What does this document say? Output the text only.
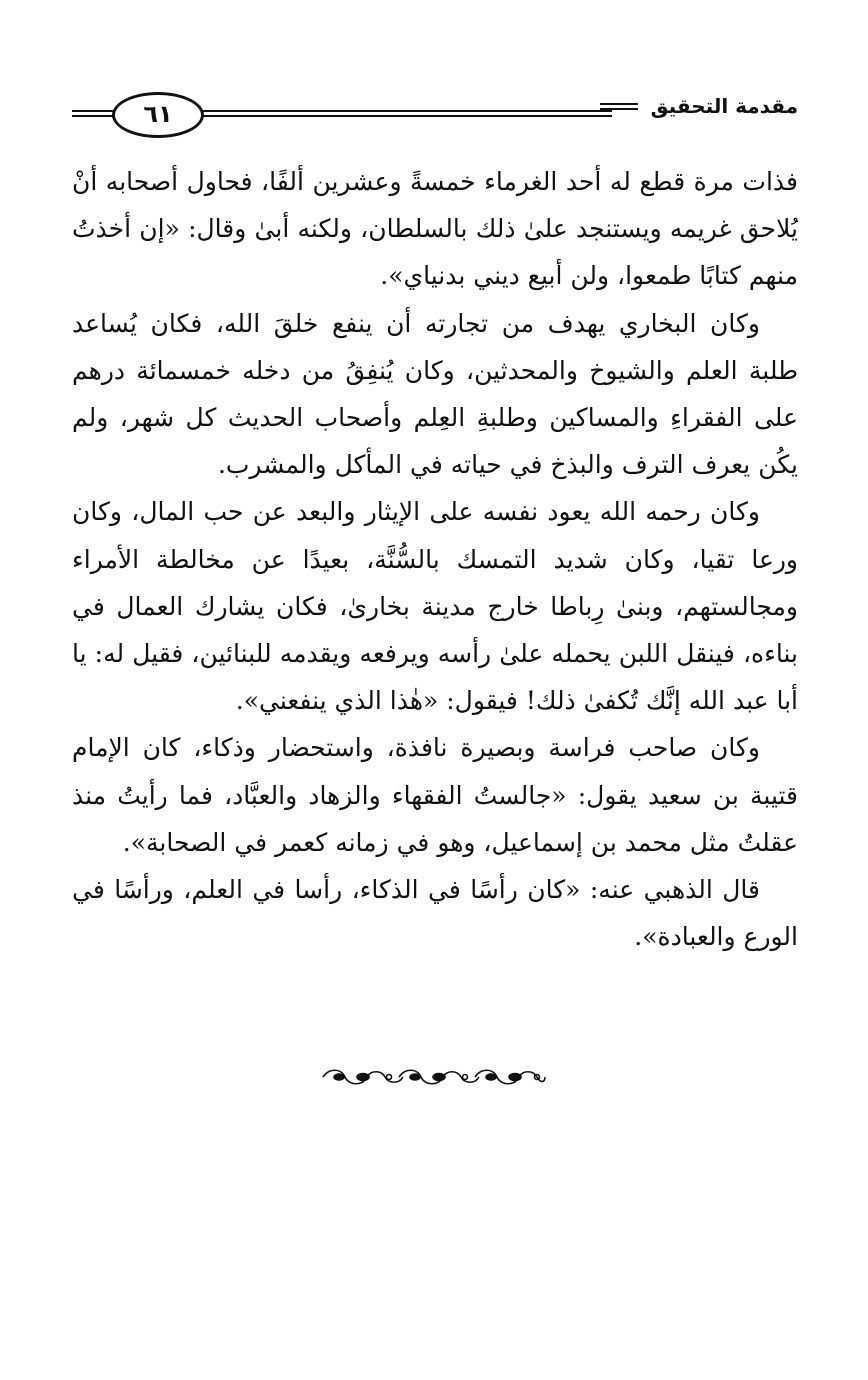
٦١	مقدمة التحقيق

فذات مرة قطع له أحد الغرماء خمسةً وعشرين ألفًا، فحاول أصحابه أنْ يُلاحق غريمه ويستنجد علىٰ ذلك بالسلطان، ولكنه أبىٰ وقال: «إن أخذتُ منهم كتابًا طمعوا، ولن أبيع ديني بدنياي».

وكان البخاري يهدف من تجارته أن ينفع خلقَ الله، فكان يُساعد طلبة العلم والشيوخ والمحدثين، وكان يُنفِقُ من دخله خمسمائة درهم على الفقراءِ والمساكين وطلبةِ العِلم وأصحاب الحديث كل شهر، ولم يكُن يعرف الترف والبذخ في حياته في المأكل والمشرب.

وكان رحمه الله يعود نفسه على الإيثار والبعد عن حب المال، وكان ورعا تقيا، وكان شديد التمسك بالسُّنَّة، بعيدًا عن مخالطة الأمراء ومجالستهم، وبنىٰ رِباطا خارج مدينة بخارىٰ، فكان يشارك العمال في بناءه، فينقل اللبن يحمله علىٰ رأسه ويرفعه ويقدمه للبنائين، فقيل له: يا أبا عبد الله إنَّك تُكفىٰ ذلك! فيقول: «هٰذا الذي ينفعني».

وكان صاحب فراسة وبصيرة نافذة، واستحضار وذكاء، كان الإمام قتيبة بن سعيد يقول: «جالستُ الفقهاء والزهاد والعبَّاد، فما رأيتُ منذ عقلتُ مثل محمد بن إسماعيل، وهو في زمانه كعمر في الصحابة».

قال الذهبي عنه: «كان رأسًا في الذكاء، رأسا في العلم، ورأسًا في الورع والعبادة».
